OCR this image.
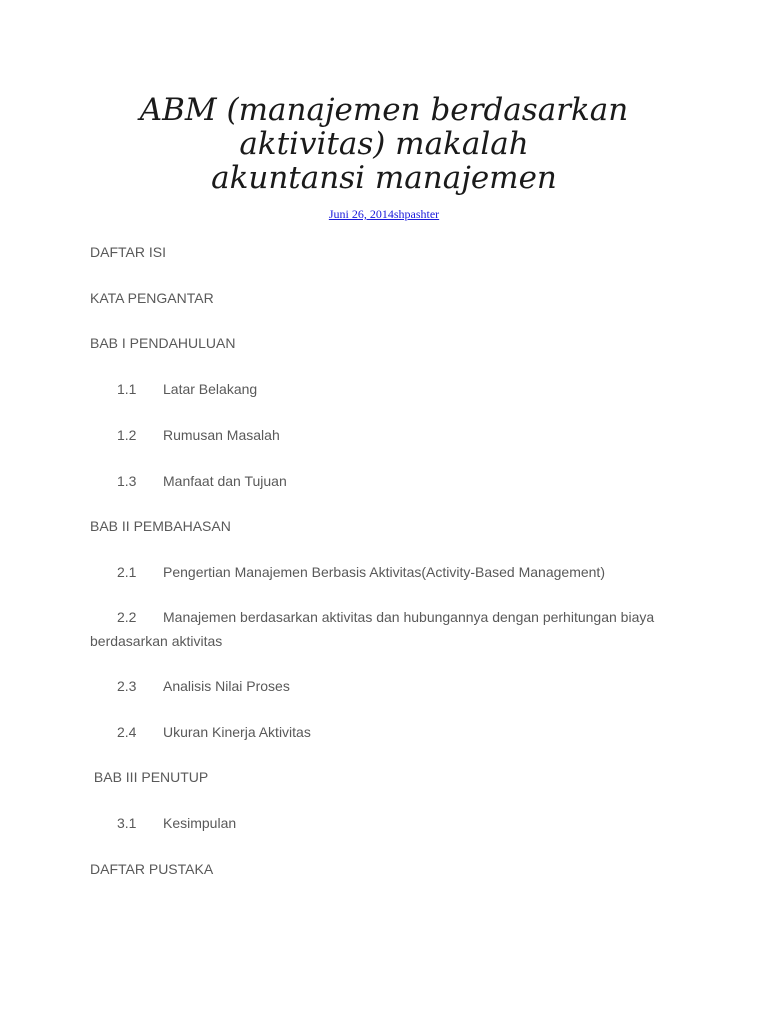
ABM (manajemen berdasarkan
aktivitas) makalah
akuntansi manajemen
Juni 26, 2014shpashter
DAFTAR ISI
KATA PENGANTAR
BAB I PENDAHULUAN
1.1 Latar Belakang
1.2 Rumusan Masalah
1.3 Manfaat dan Tujuan
BAB II PEMBAHASAN
2.1 Pengertian Manajemen Berbasis Aktivitas(Activity-Based Management)
2.2 Manajemen berdasarkan aktivitas dan hubungannya dengan perhitungan biaya berdasarkan aktivitas
2.3 Analisis Nilai Proses
2.4 Ukuran Kinerja Aktivitas
BAB III PENUTUP
3.1 Kesimpulan
DAFTAR PUSTAKA
